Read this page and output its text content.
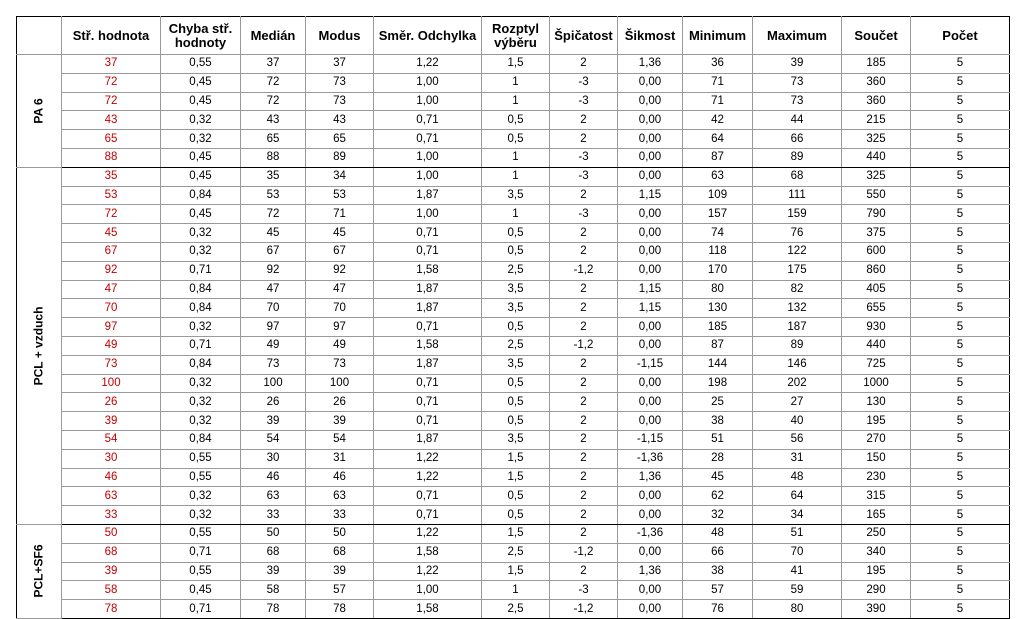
	Stř. hodnota	Chyba stř. hodnoty	Medián	Modus	Směr. Odchylka	Rozptyl výběru	Špičatost	Šikmost	Minimum	Maximum	Součet	Počet

PA 6	37	0,55	37	37	1,22	1,5	2	1,36	36	39	185	5
	72	0,45	72	73	1,00	1	-3	0,00	71	73	360	5
	72	0,45	72	73	1,00	1	-3	0,00	71	73	360	5
	43	0,32	43	43	0,71	0,5	2	0,00	42	44	215	5
	65	0,32	65	65	0,71	0,5	2	0,00	64	66	325	5
	88	0,45	88	89	1,00	1	-3	0,00	87	89	440	5

PCL + vzduch	35	0,45	35	34	1,00	1	-3	0,00	63	68	325	5
	53	0,84	53	53	1,87	3,5	2	1,15	109	111	550	5
	72	0,45	72	71	1,00	1	-3	0,00	157	159	790	5
	45	0,32	45	45	0,71	0,5	2	0,00	74	76	375	5
	67	0,32	67	67	0,71	0,5	2	0,00	118	122	600	5
	92	0,71	92	92	1,58	2,5	-1,2	0,00	170	175	860	5
	47	0,84	47	47	1,87	3,5	2	1,15	80	82	405	5
	70	0,84	70	70	1,87	3,5	2	1,15	130	132	655	5
	97	0,32	97	97	0,71	0,5	2	0,00	185	187	930	5
	49	0,71	49	49	1,58	2,5	-1,2	0,00	87	89	440	5
	73	0,84	73	73	1,87	3,5	2	-1,15	144	146	725	5
	100	0,32	100	100	0,71	0,5	2	0,00	198	202	1000	5
	26	0,32	26	26	0,71	0,5	2	0,00	25	27	130	5
	39	0,32	39	39	0,71	0,5	2	0,00	38	40	195	5
	54	0,84	54	54	1,87	3,5	2	-1,15	51	56	270	5
	30	0,55	30	31	1,22	1,5	2	-1,36	28	31	150	5
	46	0,55	46	46	1,22	1,5	2	1,36	45	48	230	5
	63	0,32	63	63	0,71	0,5	2	0,00	62	64	315	5
	33	0,32	33	33	0,71	0,5	2	0,00	32	34	165	5

PCL+SF6	50	0,55	50	50	1,22	1,5	2	-1,36	48	51	250	5
	68	0,71	68	68	1,58	2,5	-1,2	0,00	66	70	340	5
	39	0,55	39	39	1,22	1,5	2	1,36	38	41	195	5
	58	0,45	58	57	1,00	1	-3	0,00	57	59	290	5
	78	0,71	78	78	1,58	2,5	-1,2	0,00	76	80	390	5
